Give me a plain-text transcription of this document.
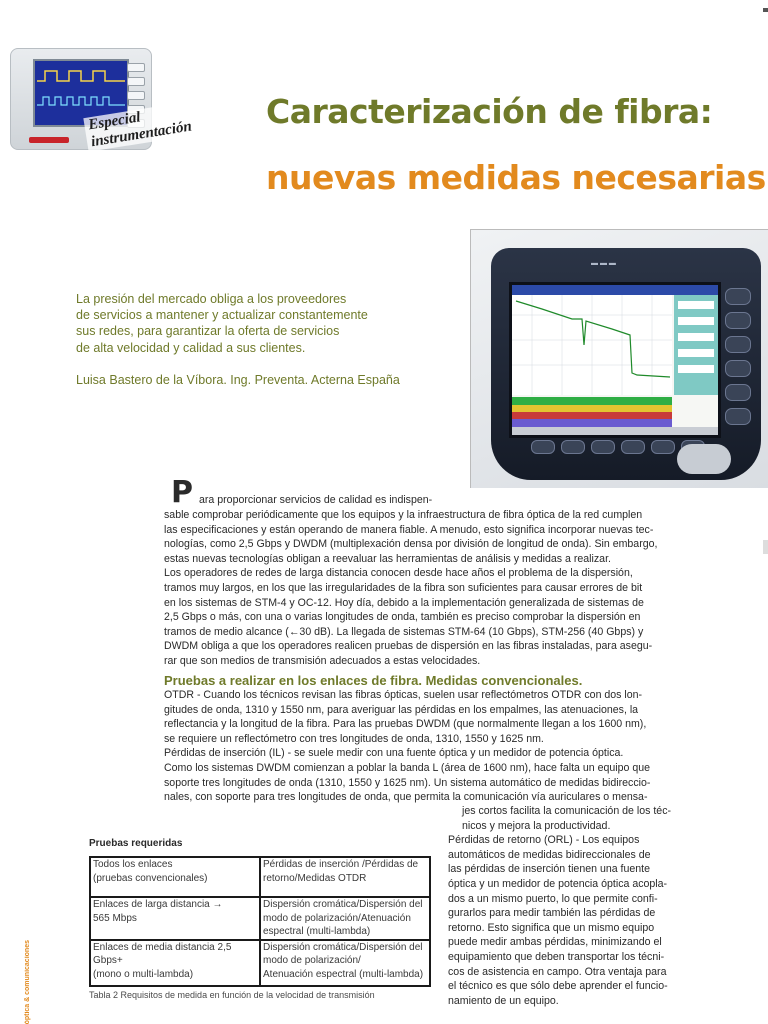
Especial instrumentación
Caracterización de fibra:
nuevas medidas necesarias
▬ ▬ ▬
La presión del mercado obliga a los proveedores
de servicios a mantener y actualizar constantemente
sus redes, para garantizar la oferta de servicios
de alta velocidad y calidad a sus clientes.
Luisa Bastero de la Víbora. Ing. Preventa. Acterna España
P ara proporcionar servicios de calidad es indispen-

sable comprobar periódicamente que los equipos y la infraestructura de fibra óptica de la red cumplen

las especificaciones y están operando de manera fiable. A menudo, esto significa incorporar nuevas tec-

nologías, como 2,5 Gbps y DWDM (multiplexación densa por división de longitud de onda). Sin embargo,

estas nuevas tecnologías obligan a reevaluar las herramientas de análisis y medidas a realizar.

Los operadores de redes de larga distancia conocen desde hace años el problema de la dispersión,

tramos muy largos, en los que las irregularidades de la fibra son suficientes para causar errores de bit

en los sistemas de STM-4 y OC-12. Hoy día, debido a la implementación generalizada de sistemas de

2,5 Gbps o más, con una o varias longitudes de onda, también es preciso comprobar la dispersión en

tramos de medio alcance (←30 dB). La llegada de sistemas STM-64 (10 Gbps), STM-256 (40 Gbps) y

DWDM obliga a que los operadores realicen pruebas de dispersión en las fibras instaladas, para asegu-

rar que son medios de transmisión adecuados a estas velocidades.

Pruebas a realizar en los enlaces de fibra. Medidas convencionales.

OTDR - Cuando los técnicos revisan las fibras ópticas, suelen usar reflectómetros OTDR con dos lon-

gitudes de onda, 1310 y 1550 nm, para averiguar las pérdidas en los empalmes, las atenuaciones, la

reflectancia y la longitud de la fibra. Para las pruebas DWDM (que normalmente llegan a los 1600 nm),

se requiere un reflectómetro con tres longitudes de onda, 1310, 1550 y 1625 nm.

Pérdidas de inserción (IL) - se suele medir con una fuente óptica y un medidor de potencia óptica.

Como los sistemas DWDM comienzan a poblar la banda L (área de 1600 nm), hace falta un equipo que

soporte tres longitudes de onda (1310, 1550 y 1625 nm). Un sistema automático de medidas bidireccio-

nales, con soporte para tres longitudes de onda, que permita la comunicación vía auriculares o mensa-

jes cortos facilita la comunicación de los téc-

nicos y mejora la productividad.

Pérdidas de retorno (ORL) - Los equipos

automáticos de medidas bidireccionales de

las pérdidas de inserción tienen una fuente

óptica y un medidor de potencia óptica acopla-

dos a un mismo puerto, lo que permite confi-

gurarlos para medir también las pérdidas de

retorno. Esto significa que un mismo equipo

puede medir ambas pérdidas, minimizando el

equipamiento que deben transportar los técni-

cos de asistencia en campo. Otra ventaja para

el técnico es que sólo debe aprender el funcio-

namiento de un equipo.

Pruebas requeridas
Todos los enlaces
(pruebas convencionales)	Pérdidas de inserción /Pérdidas de
retorno/Medidas OTDR
Enlaces de larga distancia →
565 Mbps	Dispersión cromática/Dispersión del
modo de polarización/Atenuación
espectral (multi-lambda)
Enlaces de media distancia 2,5 Gbps+
(mono o multi-lambda)	Dispersión cromática/Dispersión del
modo de polarización/
Atenuación espectral (multi-lambda)
Tabla 2 Requisitos de medida en función de la velocidad de transmisión
óptica & comunicaciones
